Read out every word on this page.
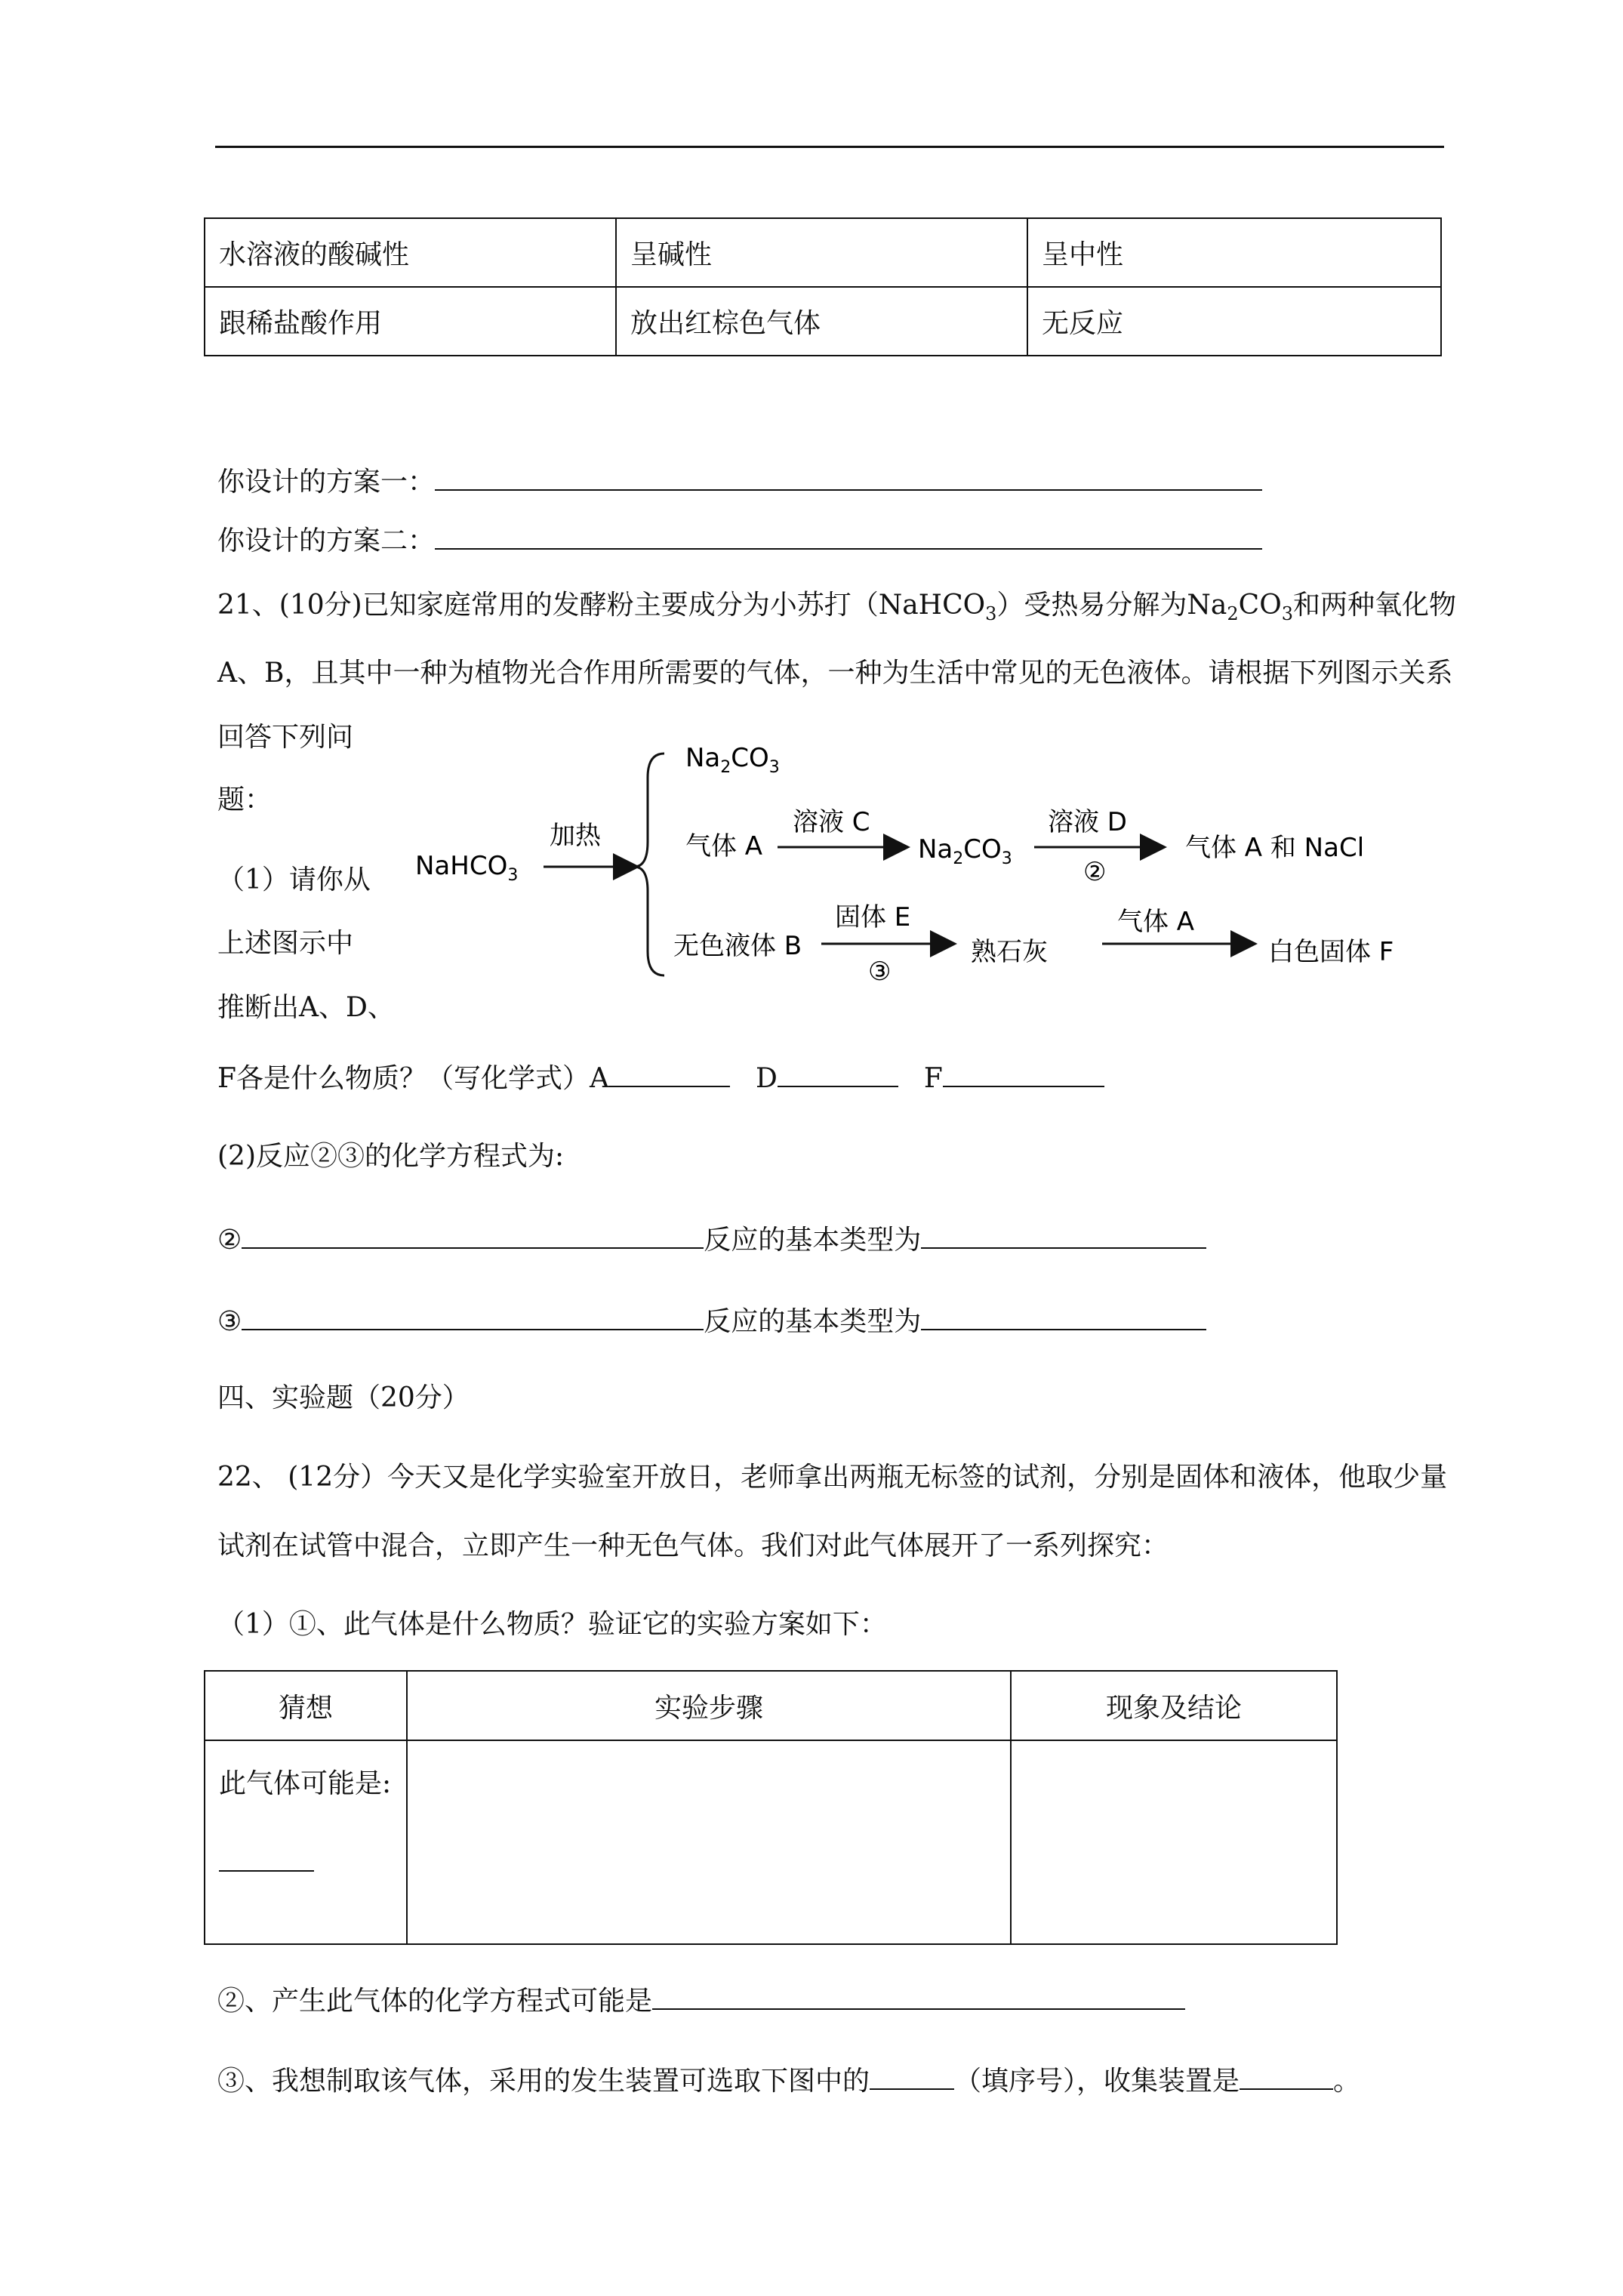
水溶液的酸碱性	呈碱性	呈中性
跟稀盐酸作用	放出红棕色气体	无反应
你设计的方案一：
你设计的方案二：
21、(10分)已知家庭常用的发酵粉主要成分为小苏打（NaHCO$_3$）受热易分解为$Na_2CO_3$和两种氧化物
A、B，且其中一种为植物光合作用所需要的气体，一种为生活中常见的无色液体。请根据下列图示关系
回答下列问
题：
（1）请你从
上述图示中
推断出A、D、
F各是什么物质？（写化学式）A	D	F
NaHCO$_3$
加热
$Na_2CO_3$
气体 A
溶液 C
$Na_2CO_3$
溶液 D
②
气体 A 和 NaCl
无色液体 B
固体 E
③
熟石灰
气体 A
白色固体 F
(2)反应②③的化学方程式为:
②	反应的基本类型为
③	反应的基本类型为
四、实验题（20分）
22、 (12分）今天又是化学实验室开放日，老师拿出两瓶无标签的试剂，分别是固体和液体，他取少量
试剂在试管中混合，立即产生一种无色气体。我们对此气体展开了一系列探究：
（1）①、此气体是什么物质？验证它的实验方案如下：
猜想	实验步骤	现象及结论

此气体可能是:		

②、产生此气体的化学方程式可能是
③、我想制取该气体，采用的发生装置可选取下图中的	（填序号），收集装置是	。
